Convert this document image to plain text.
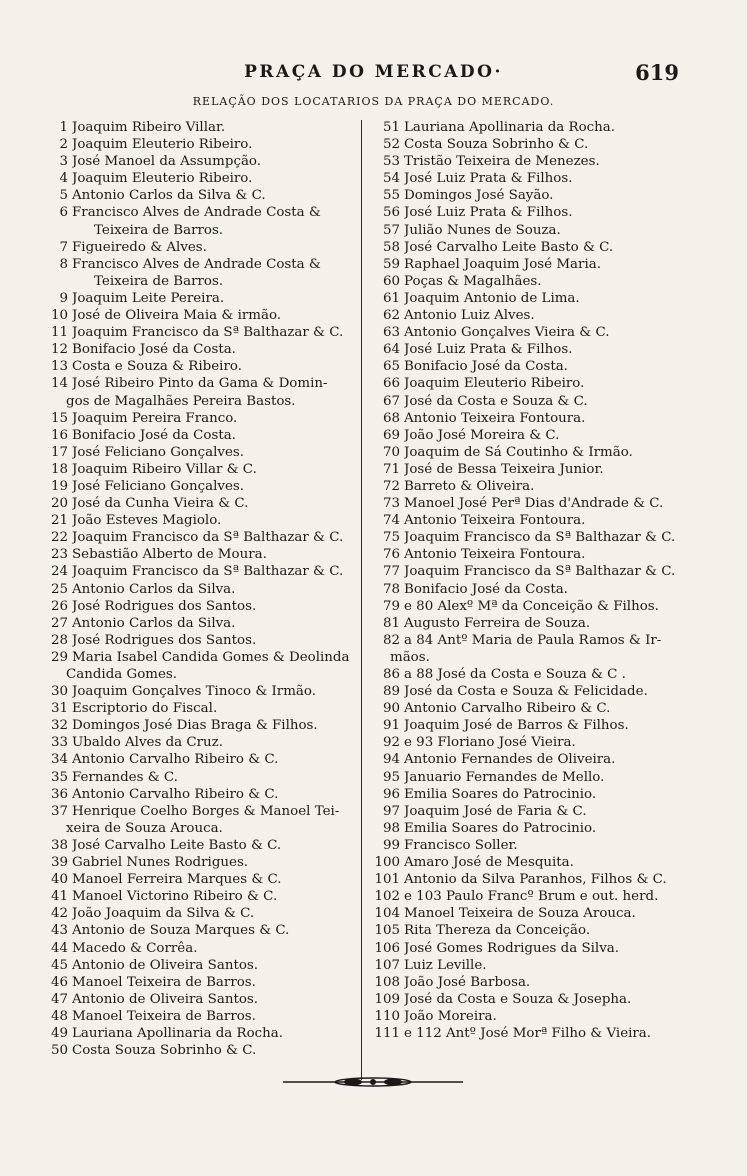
PRAÇA DO MERCADO·	619
RELAÇÃO DOS LOCATARIOS DA PRAÇA DO MERCADO.
1 Joaquim Ribeiro Villar.
2 Joaquim Eleuterio Ribeiro.
3 José Manoel da Assumpção.
4 Joaquim Eleuterio Ribeiro.
5 Antonio Carlos da Silva & C.
6 Francisco Alves de Andrade Costa &
Teixeira de Barros.
7 Figueiredo & Alves.
8 Francisco Alves de Andrade Costa &
Teixeira de Barros.
9 Joaquim Leite Pereira.
10 José de Oliveira Maia & irmão.
11 Joaquim Francisco da Sª Balthazar & C.
12 Bonifacio José da Costa.
13 Costa e Souza & Ribeiro.
14 José Ribeiro Pinto da Gama & Domin-
gos de Magalhães Pereira Bastos.
15 Joaquim Pereira Franco.
16 Bonifacio José da Costa.
17 José Feliciano Gonçalves.
18 Joaquim Ribeiro Villar & C.
19 José Feliciano Gonçalves.
20 José da Cunha Vieira & C.
21 João Esteves Magiolo.
22 Joaquim Francisco da Sª Balthazar & C.
23 Sebastião Alberto de Moura.
24 Joaquim Francisco da Sª Balthazar & C.
25 Antonio Carlos da Silva.
26 José Rodrigues dos Santos.
27 Antonio Carlos da Silva.
28 José Rodrigues dos Santos.
29 Maria Isabel Candida Gomes & Deolinda
Candida Gomes.
30 Joaquim Gonçalves Tinoco & Irmão.
31 Escriptorio do Fiscal.
32 Domingos José Dias Braga & Filhos.
33 Ubaldo Alves da Cruz.
34 Antonio Carvalho Ribeiro & C.
35 Fernandes & C.
36 Antonio Carvalho Ribeiro & C.
37 Henrique Coelho Borges & Manoel Tei-
xeira de Souza Arouca.
38 José Carvalho Leite Basto & C.
39 Gabriel Nunes Rodrigues.
40 Manoel Ferreira Marques & C.
41 Manoel Victorino Ribeiro & C.
42 João Joaquim da Silva & C.
43 Antonio de Souza Marques & C.
44 Macedo & Corrêa.
45 Antonio de Oliveira Santos.
46 Manoel Teixeira de Barros.
47 Antonio de Oliveira Santos.
48 Manoel Teixeira de Barros.
49 Lauriana Apollinaria da Rocha.
50 Costa Souza Sobrinho & C.
51 Lauriana Apollinaria da Rocha.
52 Costa Souza Sobrinho & C.
53 Tristão Teixeira de Menezes.
54 José Luiz Prata & Filhos.
55 Domingos José Sayão.
56 José Luiz Prata & Filhos.
57 Julião Nunes de Souza.
58 José Carvalho Leite Basto & C.
59 Raphael Joaquim José Maria.
60 Poças & Magalhães.
61 Joaquim Antonio de Lima.
62 Antonio Luiz Alves.
63 Antonio Gonçalves Vieira & C.
64 José Luiz Prata & Filhos.
65 Bonifacio José da Costa.
66 Joaquim Eleuterio Ribeiro.
67 José da Costa e Souza & C.
68 Antonio Teixeira Fontoura.
69 João José Moreira & C.
70 Joaquim de Sá Coutinho & Irmão.
71 José de Bessa Teixeira Junior.
72 Barreto & Oliveira.
73 Manoel José Perª Dias d'Andrade & C.
74 Antonio Teixeira Fontoura.
75 Joaquim Francisco da Sª Balthazar & C.
76 Antonio Teixeira Fontoura.
77 Joaquim Francisco da Sª Balthazar & C.
78 Bonifacio José da Costa.
79 e 80 Alexº Mª da Conceição & Filhos.
81 Augusto Ferreira de Souza.
82 a 84 Antº Maria de Paula Ramos & Ir-
mãos.
86 a 88 José da Costa e Souza & C .
89 José da Costa e Souza & Felicidade.
90 Antonio Carvalho Ribeiro & C.
91 Joaquim José de Barros & Filhos.
92 e 93 Floriano José Vieira.
94 Antonio Fernandes de Oliveira.
95 Januario Fernandes de Mello.
96 Emilia Soares do Patrocinio.
97 Joaquim José de Faria & C.
98 Emilia Soares do Patrocinio.
99 Francisco Soller.
100 Amaro José de Mesquita.
101 Antonio da Silva Paranhos, Filhos & C.
102 e 103 Paulo Francº Brum e out. herd.
104 Manoel Teixeira de Souza Arouca.
105 Rita Thereza da Conceição.
106 José Gomes Rodrigues da Silva.
107 Luiz Leville.
108 João José Barbosa.
109 José da Costa e Souza & Josepha.
110 João Moreira.
111 e 112 Antº José Morª Filho & Vieira.
